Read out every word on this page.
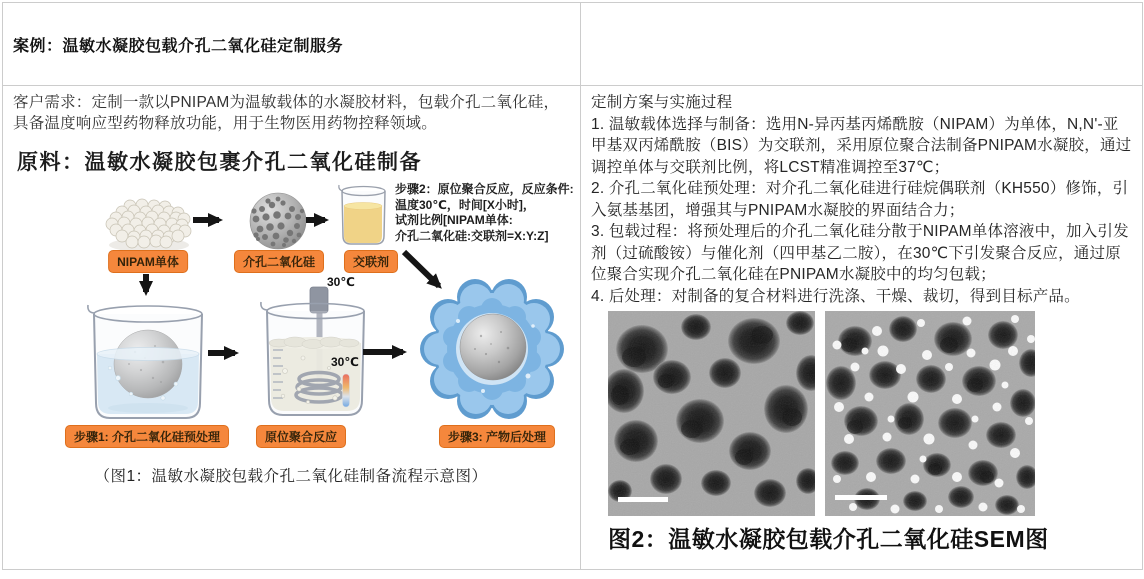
案例：温敏水凝胶包载介孔二氧化硅定制服务
客户需求：定制一款以PNIPAM为温敏载体的水凝胶材料，包载介孔二氧化硅，具备温度响应型药物释放功能，用于生物医用药物控释领域。
原料：温敏水凝胶包裹介孔二氧化硅制备
NIPAM单体	介孔二氧化硅	交联剂
步骤1: 介孔二氧化硅预处理	原位聚合反应	步骤3: 产物后处理
步骤2：原位聚合反应，反应条件:
温度30℃，时间[X小时]，
试剂比例[NIPAM单体:
介孔二氧化硅:交联剂=X:Y:Z]
30℃
30℃
（图1：温敏水凝胶包载介孔二氧化硅制备流程示意图）
定制方案与实施过程
1. 温敏载体选择与制备：选用N-异丙基丙烯酰胺（NIPAM）为单体，N,N'-亚甲基双丙烯酰胺（BIS）为交联剂，采用原位聚合法制备PNIPAM水凝胶，通过调控单体与交联剂比例，将LCST精准调控至37℃；
2. 介孔二氧化硅预处理：对介孔二氧化硅进行硅烷偶联剂（KH550）修饰，引入氨基基团，增强其与PNIPAM水凝胶的界面结合力；
3. 包载过程：将预处理后的介孔二氧化硅分散于NIPAM单体溶液中，加入引发剂（过硫酸铵）与催化剂（四甲基乙二胺），在30℃下引发聚合反应，通过原位聚合实现介孔二氧化硅在PNIPAM水凝胶中的均匀包载；
4. 后处理：对制备的复合材料进行洗涤、干燥、裁切，得到目标产品。
图2：温敏水凝胶包载介孔二氧化硅SEM图
